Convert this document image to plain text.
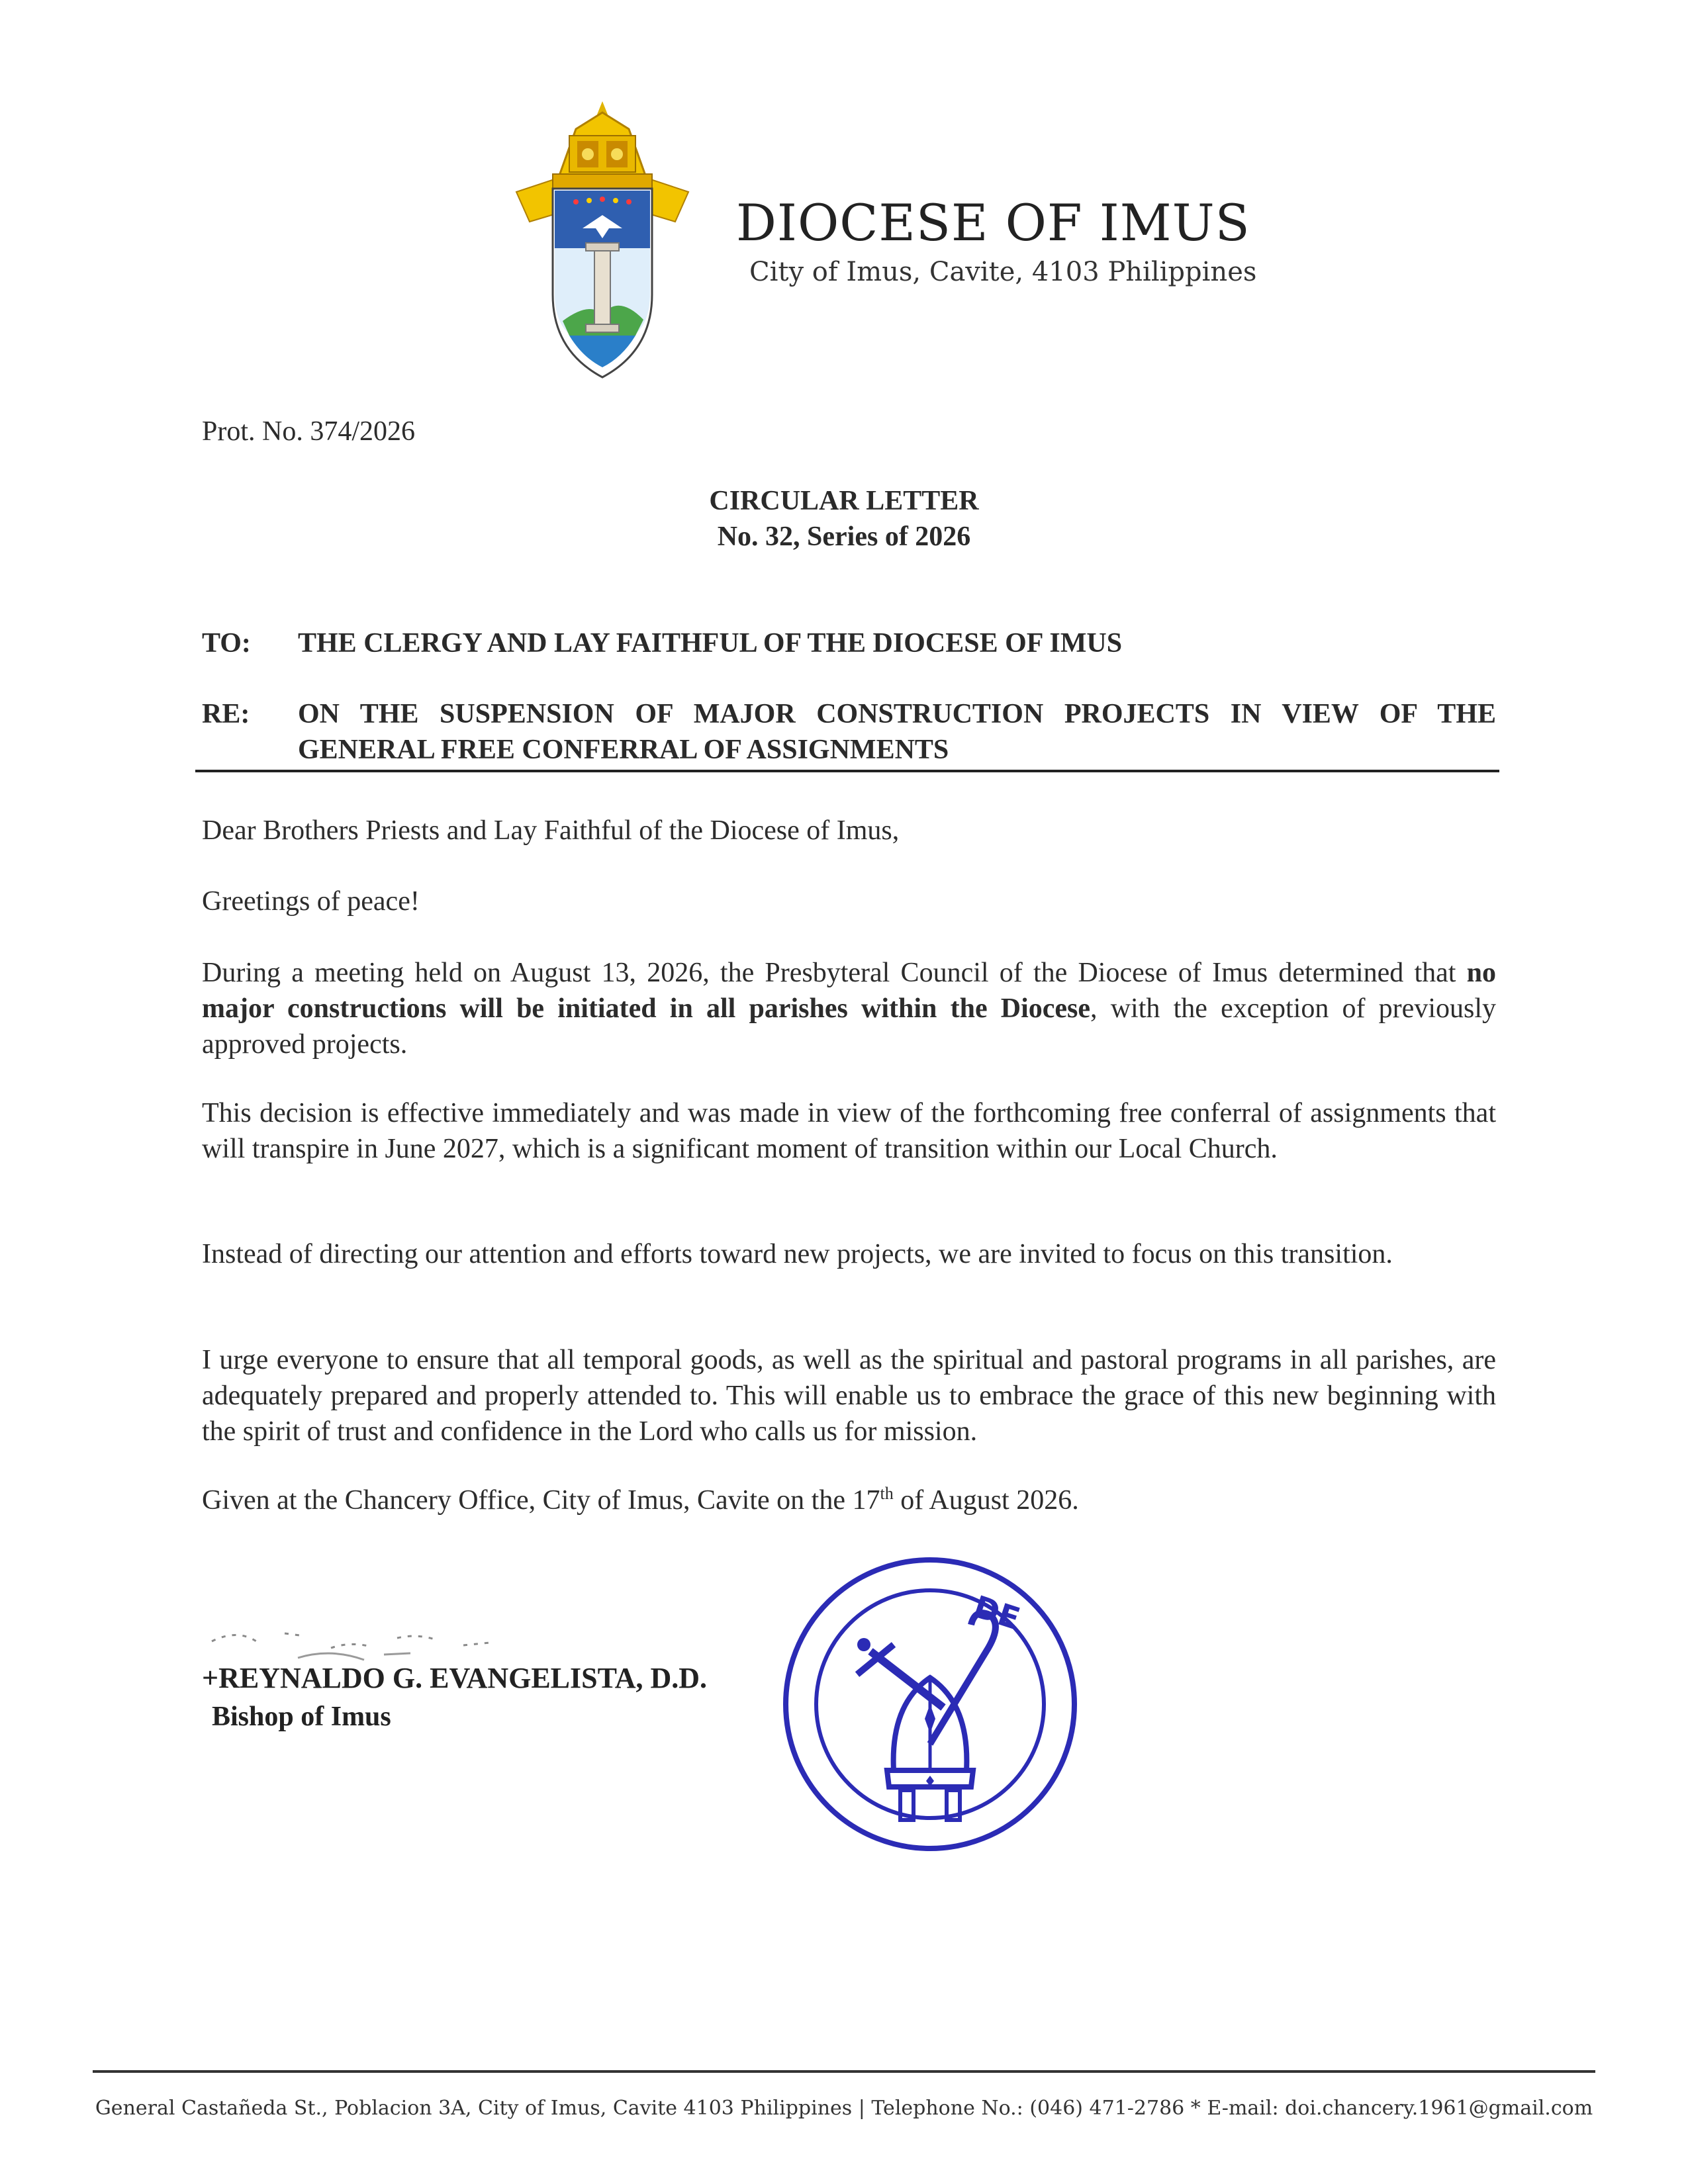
DIOCESE OF IMUS
City of Imus, Cavite, 4103 Philippines
Prot. No. 374/2026
CIRCULAR LETTER
No. 32, Series of 2026
TO: THE CLERGY AND LAY FAITHFUL OF THE DIOCESE OF IMUS
RE: ON THE SUSPENSION OF MAJOR CONSTRUCTION PROJECTS IN VIEW OF THE GENERAL FREE CONFERRAL OF ASSIGNMENTS
Dear Brothers Priests and Lay Faithful of the Diocese of Imus,
Greetings of peace!
During a meeting held on August 13, 2026, the Presbyteral Council of the Diocese of Imus determined that no major constructions will be initiated in all parishes within the Diocese, with the exception of previously approved projects.
This decision is effective immediately and was made in view of the forthcoming free conferral of assignments that will transpire in June 2027, which is a significant moment of transition within our Local Church.
Instead of directing our attention and efforts toward new projects, we are invited to focus on this transition.
I urge everyone to ensure that all temporal goods, as well as the spiritual and pastoral programs in all parishes, are adequately prepared and properly attended to. This will enable us to embrace the grace of this new beginning with the spirit of trust and confidence in the Lord who calls us for mission.
Given at the Chancery Office, City of Imus, Cavite on the 17th of August 2026.
+REYNALDO G. EVANGELISTA, D.D.
Bishop of Imus
DE
General Castañeda St., Poblacion 3A, City of Imus, Cavite 4103 Philippines | Telephone No.: (046) 471-2786 * E-mail: doi.chancery.1961@gmail.com
